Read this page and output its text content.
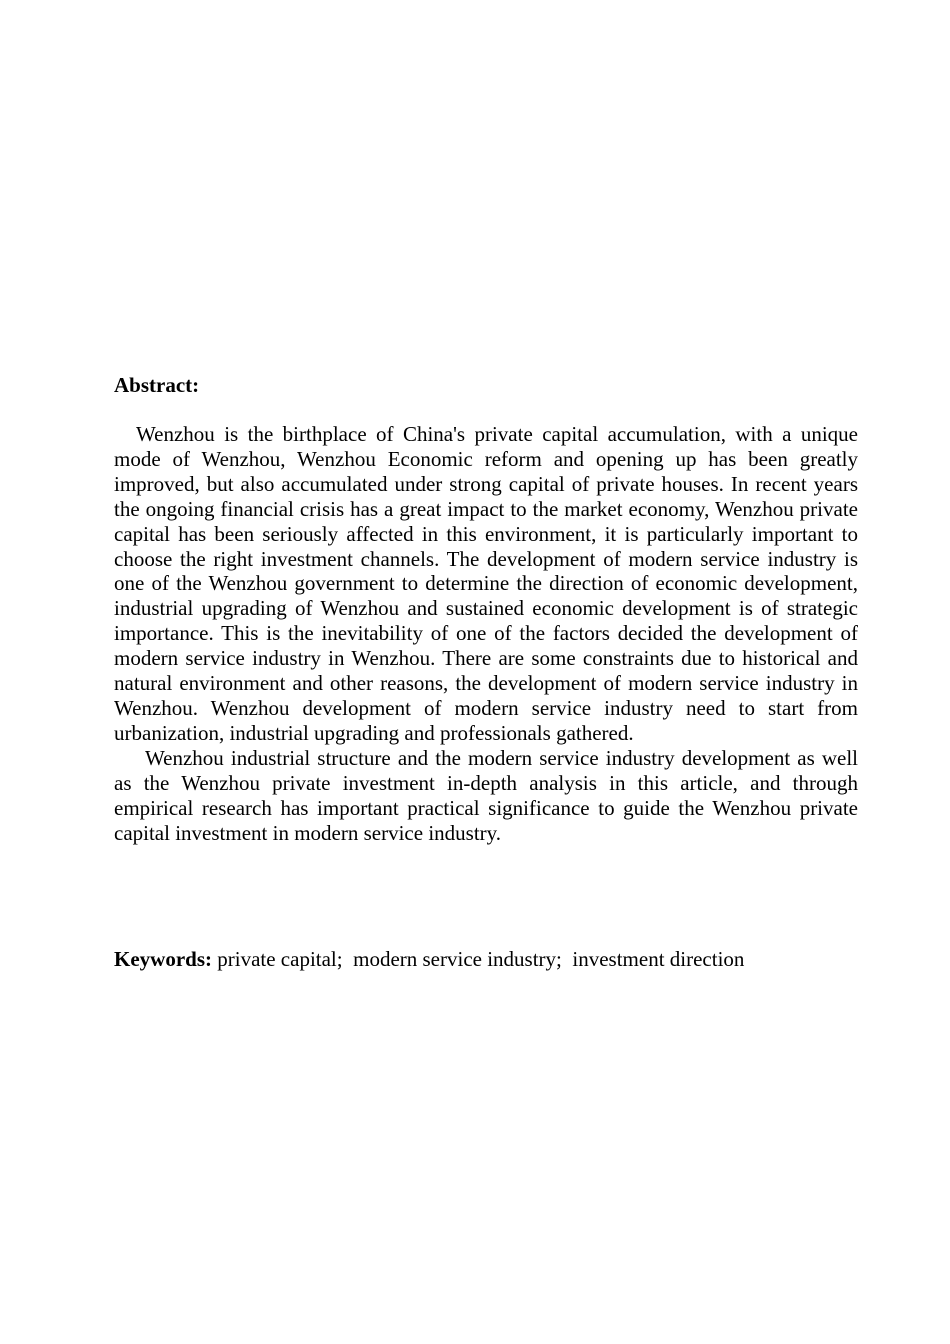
Abstract:

Wenzhou is the birthplace of China's private capital accumulation, with a unique mode of Wenzhou, Wenzhou Economic reform and opening up has been greatly improved, but also accumulated under strong capital of private houses. In recent years the ongoing financial crisis has a great impact to the market economy, Wenzhou private capital has been seriously affected in this environment, it is particularly important to choose the right investment channels. The development of modern service industry is one of the Wenzhou government to determine the direction of economic development, industrial upgrading of Wenzhou and sustained economic development is of strategic importance. This is the inevitability of one of the factors decided the development of modern service industry in Wenzhou. There are some constraints due to historical and natural environment and other reasons, the development of modern service industry in Wenzhou. Wenzhou development of modern service industry need to start from urbanization, industrial upgrading and professionals gathered.

Wenzhou industrial structure and the modern service industry development as well as the Wenzhou private investment in-depth analysis in this article, and through empirical research has important practical significance to guide the Wenzhou private capital investment in modern service industry.

Keywords: private capital;  modern service industry;  investment direction
